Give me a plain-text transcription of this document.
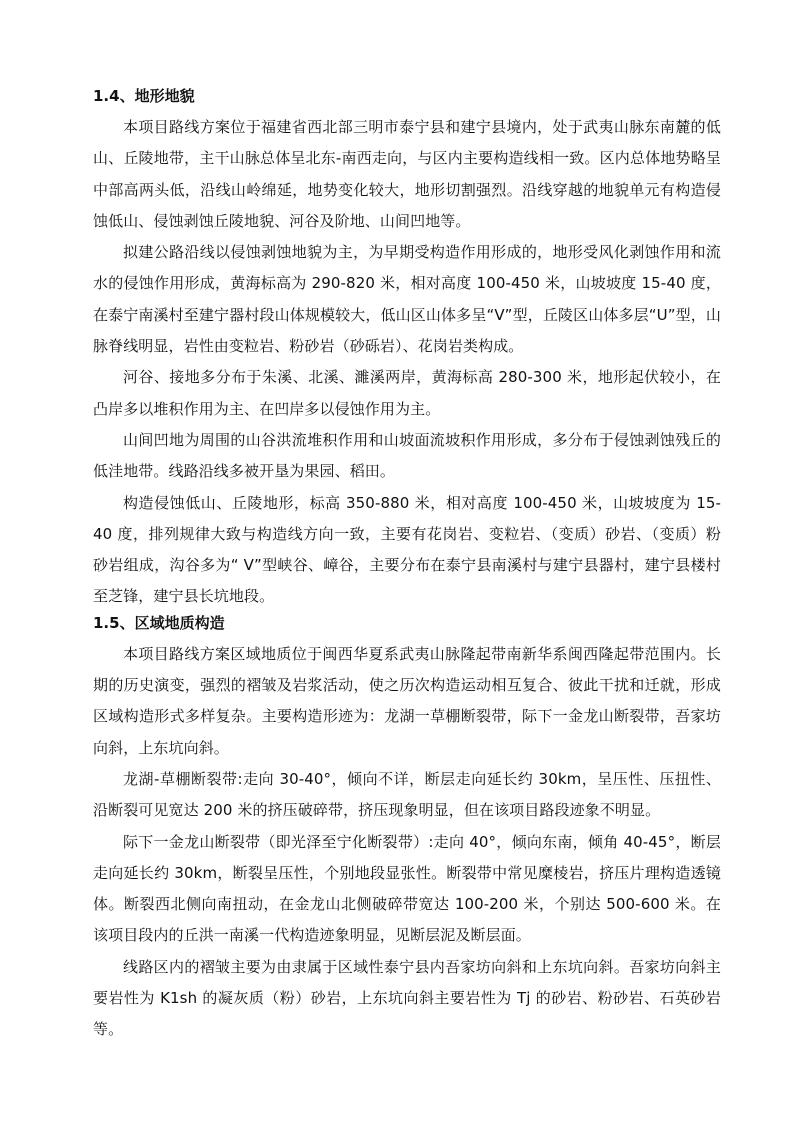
1.4、地形地貌

本项目路线方案位于福建省西北部三明市泰宁县和建宁县境内，处于武夷山脉东南麓的低山、丘陵地带，主干山脉总体呈北东-南西走向，与区内主要构造线相一致。区内总体地势略呈中部高两头低，沿线山岭绵延，地势变化较大，地形切割强烈。沿线穿越的地貌单元有构造侵蚀低山、侵蚀剥蚀丘陵地貌、河谷及阶地、山间凹地等。

拟建公路沿线以侵蚀剥蚀地貌为主，为早期受构造作用形成的，地形受风化剥蚀作用和流水的侵蚀作用形成，黄海标高为 290-820 米，相对高度 100-450 米，山坡坡度 15-40 度，在泰宁南溪村至建宁器村段山体规模较大，低山区山体多呈“V”型，丘陵区山体多层“U”型，山脉脊线明显，岩性由变粒岩、粉砂岩（砂砾岩）、花岗岩类构成。

河谷、接地多分布于朱溪、北溪、濉溪两岸，黄海标高 280-300 米，地形起伏较小，在凸岸多以堆积作用为主、在凹岸多以侵蚀作用为主。

山间凹地为周围的山谷洪流堆积作用和山坡面流坡积作用形成，多分布于侵蚀剥蚀残丘的低洼地带。线路沿线多被开垦为果园、稻田。

构造侵蚀低山、丘陵地形，标高 350-880 米，相对高度 100-450 米，山坡坡度为 15-40 度，排列规律大致与构造线方向一致，主要有花岗岩、变粒岩、（变质）砂岩、（变质）粉砂岩组成，沟谷多为“ V”型峡谷、嶂谷，主要分布在泰宁县南溪村与建宁县器村，建宁县楼村至芝锋，建宁县长坑地段。

1.5、区域地质构造

本项目路线方案区域地质位于闽西华夏系武夷山脉隆起带南新华系闽西隆起带范围内。长期的历史演变，强烈的褶皱及岩浆活动，使之历次构造运动相互复合、彼此干扰和迁就，形成区域构造形式多样复杂。主要构造形迹为：龙湖一草棚断裂带，际下一金龙山断裂带，吾家坊向斜，上东坑向斜。

龙湖-草棚断裂带:走向 30-40°，倾向不详，断层走向延长约 30km，呈压性、压扭性、沿断裂可见宽达 200 米的挤压破碎带，挤压现象明显，但在该项目路段迹象不明显。

际下一金龙山断裂带（即光泽至宁化断裂带）:走向 40°，倾向东南，倾角 40-45°，断层走向延长约 30km，断裂呈压性，个别地段显张性。断裂带中常见糜棱岩，挤压片理构造透镜体。断裂西北侧向南扭动，在金龙山北侧破碎带宽达 100-200 米，个别达 500-600 米。在该项目段内的丘洪一南溪一代构造迹象明显，见断层泥及断层面。

线路区内的褶皱主要为由隶属于区域性泰宁县内吾家坊向斜和上东坑向斜。吾家坊向斜主要岩性为 K1sh 的凝灰质（粉）砂岩，上东坑向斜主要岩性为 Tj 的砂岩、粉砂岩、石英砂岩等。
